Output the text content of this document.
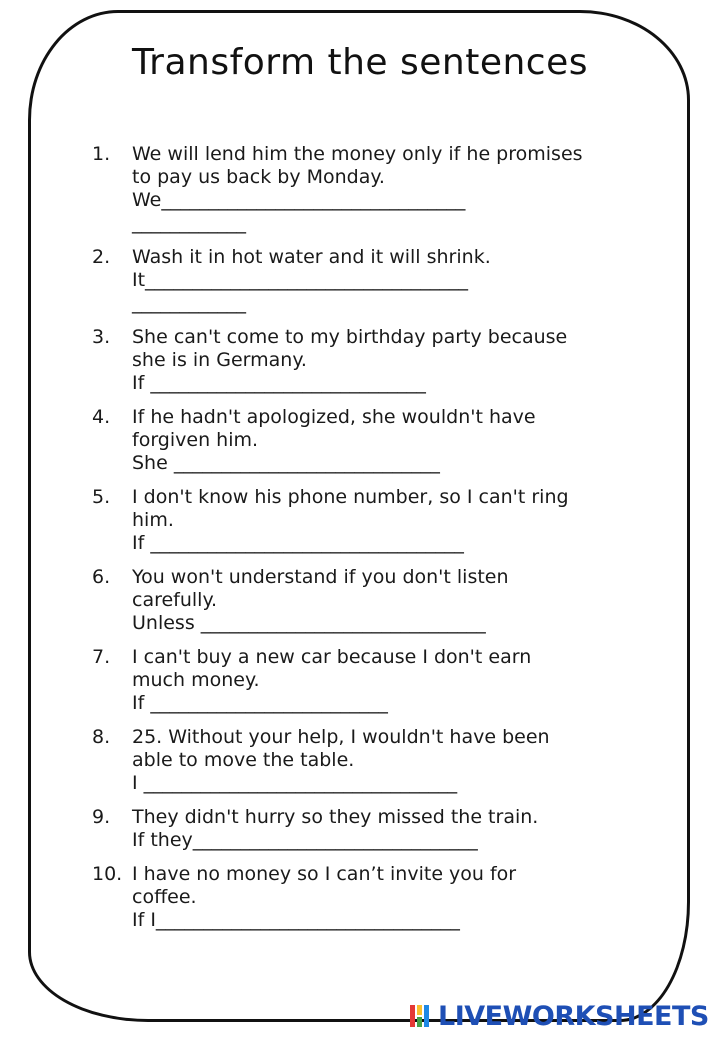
Transform the sentences
1.	We will lend him the money only if he promises
to pay us back by Monday.
We________________________________
____________
2.	Wash it in hot water and it will shrink.
It__________________________________
____________
3.	She can't come to my birthday party because
she is in Germany.
If _____________________________
4.	If he hadn't apologized, she wouldn't have
forgiven him.
She ____________________________
5.	I don't know his phone number, so I can't ring
him.
If _________________________________
6.	You won't understand if you don't listen
carefully.
Unless ______________________________
7.	I can't buy a new car because I don't earn
much money.
If _________________________
8.	25. Without your help, I wouldn't have been
able to move the table.
I _________________________________
9.	They didn't hurry so they missed the train.
If they______________________________
10. I have no money so I can’t invite you for
coffee.
If I________________________________
LIVEWORKSHEETS
